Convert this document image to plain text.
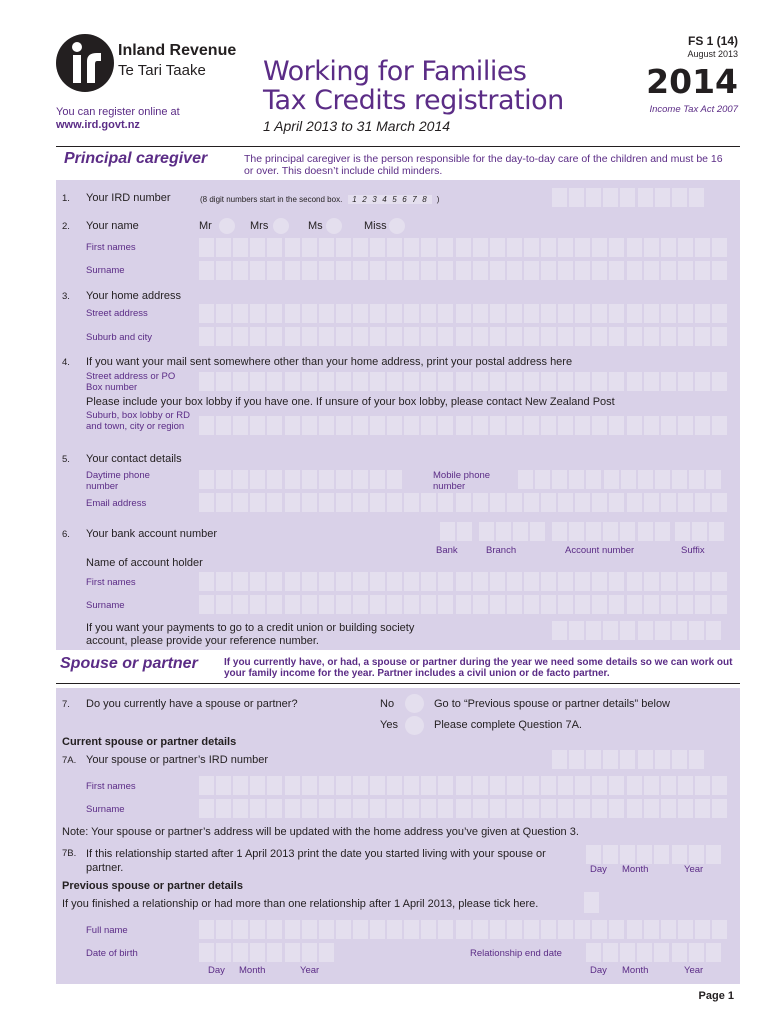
Inland Revenue
Te Tari Taake
You can register online at
www.ird.govt.nz
Working for Families
Tax Credits registration
1 April 2013 to 31 March 2014
FS 1 (14)
August 2013
2014
Income Tax Act 2007
Principal caregiver	The principal caregiver is the person responsible for the day-to-day care of the children and must be 16 or over. This doesn’t include child minders.
1. Your IRD number	(8 digit numbers start in the second box. 1 2 3 4 5 6 7 8 )
2. Your name	Mr	Mrs	Ms	Miss
First names
Surname
3. Your home address
Street address
Suburb and city
4. If you want your mail sent somewhere other than your home address, print your postal address here
Street address or PO Box number
Please include your box lobby if you have one. If unsure of your box lobby, please contact New Zealand Post
Suburb, box lobby or RD and town, city or region
5. Your contact details
Daytime phone number
Mobile phone number
Email address
6. Your bank account number
Bank	Branch	Account number	Suffix
Name of account holder
First names
Surname
If you want your payments to go to a credit union or building society account, please provide your reference number.
Spouse or partner	If you currently have, or had, a spouse or partner during the year we need some details so we can work out your family income for the year. Partner includes a civil union or de facto partner.
7. Do you currently have a spouse or partner?	No	Go to “Previous spouse or partner details” below
Yes	Please complete Question 7A.
Current spouse or partner details
7A. Your spouse or partner’s IRD number
First names
Surname
Note: Your spouse or partner’s address will be updated with the home address you’ve given at Question 3.
7B. If this relationship started after 1 April 2013 print the date you started living with your spouse or partner.	Day Month	Year
Previous spouse or partner details
If you finished a relationship or had more than one relationship after 1 April 2013, please tick here.
Full name
Date of birth	Relationship end date
Day Month	Year	Day Month	Year
Page 1
